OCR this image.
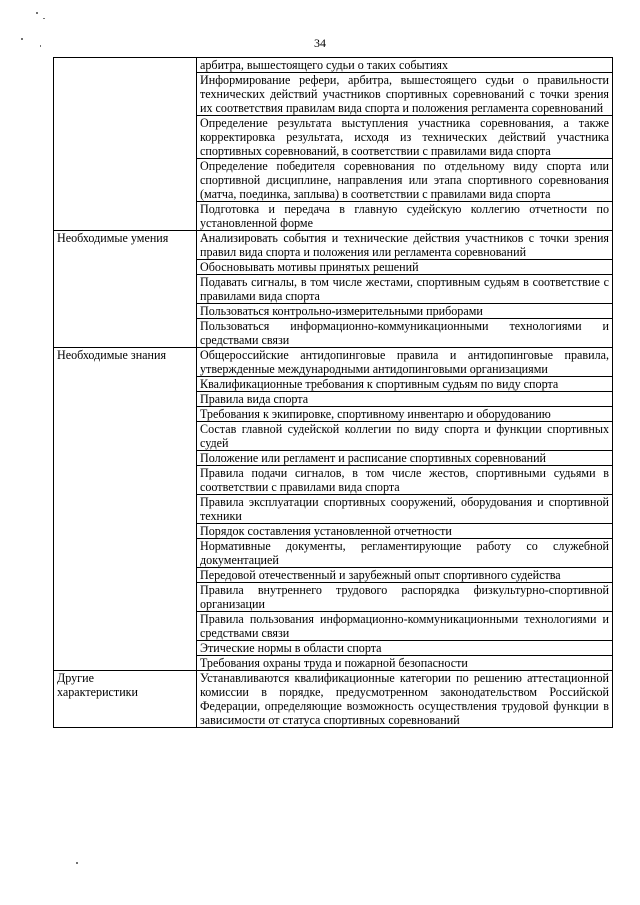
34
	арбитра, вышестоящего судьи о таких событиях
	Информирование рефери, арбитра, вышестоящего судьи о правильности технических действий участников спортивных соревнований с точки зрения их соответствия правилам вида спорта и положения регламента соревнований
	Определение результата выступления участника соревнования, а также корректировка результата, исходя из технических действий участника спортивных соревнований, в соответствии с правилами вида спорта
	Определение победителя соревнования по отдельному виду спорта или спортивной дисциплине, направления или этапа спортивного соревнования (матча, поединка, заплыва) в соответствии с правилами вида спорта
	Подготовка и передача в главную судейскую коллегию отчетности по установленной форме
Необходимые умения	Анализировать события и технические действия участников с точки зрения правил вида спорта и положения или регламента соревнований
	Обосновывать мотивы принятых решений
	Подавать сигналы, в том числе жестами, спортивным судьям в соответствие с правилами вида спорта
	Пользоваться контрольно-измерительными приборами
	Пользоваться информационно-коммуникационными технологиями и средствами связи
Необходимые знания	Общероссийские антидопинговые правила и антидопинговые правила, утвержденные международными антидопинговыми организациями
	Квалификационные требования к спортивным судьям по виду спорта
	Правила вида спорта
	Требования к экипировке, спортивному инвентарю и оборудованию
	Состав главной судейской коллегии по виду спорта и функции спортивных судей
	Положение или регламент и расписание спортивных соревнований
	Правила подачи сигналов, в том числе жестов, спортивными судьями в соответствии с правилами вида спорта
	Правила эксплуатации спортивных сооружений, оборудования и спортивной техники
	Порядок составления установленной отчетности
	Нормативные документы, регламентирующие работу со служебной документацией
	Передовой отечественный и зарубежный опыт спортивного судейства
	Правила внутреннего трудового распорядка физкультурно-спортивной организации
	Правила пользования информационно-коммуникационными технологиями и средствами связи
	Этические нормы в области спорта
	Требования охраны труда и пожарной безопасности

Другие
характеристики	Устанавливаются квалификационные категории по решению аттестационной комиссии в порядке, предусмотренном законодательством Российской Федерации, определяющие возможность осуществления трудовой функции в зависимости от статуса спортивных соревнований
